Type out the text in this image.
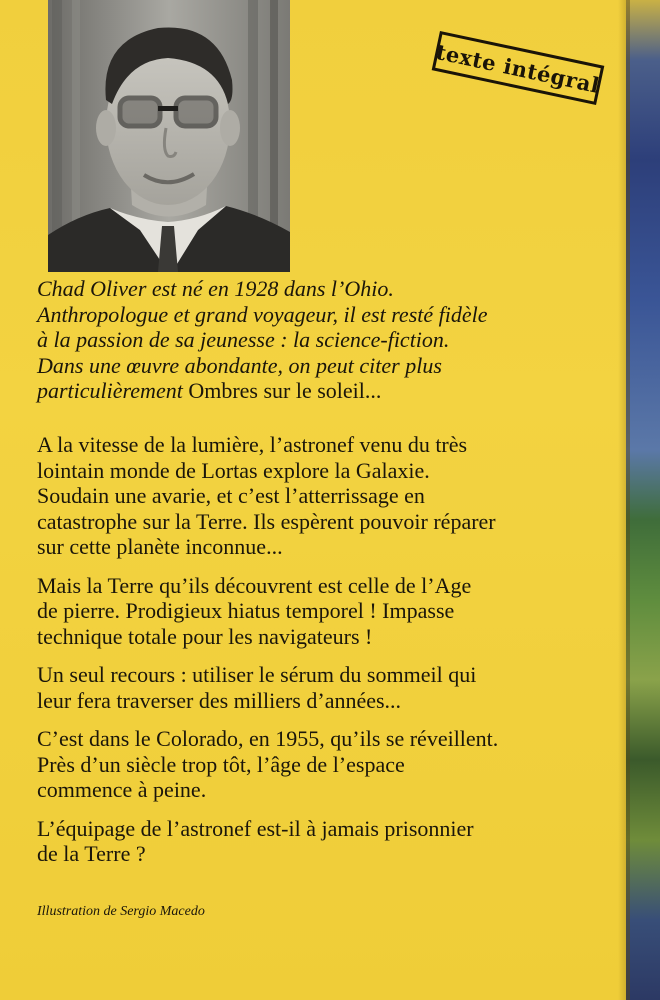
texte intégral
Chad Oliver est né en 1928 dans l’Ohio.
Anthropologue et grand voyageur, il est resté fidèle
à la passion de sa jeunesse : la science-fiction.
Dans une œuvre abondante, on peut citer plus
particulièrement Ombres sur le soleil...
A la vitesse de la lumière, l’astronef venu du très
lointain monde de Lortas explore la Galaxie.
Soudain une avarie, et c’est l’atterrissage en
catastrophe sur la Terre. Ils espèrent pouvoir réparer
sur cette planète inconnue...
Mais la Terre qu’ils découvrent est celle de l’Age
de pierre. Prodigieux hiatus temporel ! Impasse
technique totale pour les navigateurs !
Un seul recours : utiliser le sérum du sommeil qui
leur fera traverser des milliers d’années...
C’est dans le Colorado, en 1955, qu’ils se réveillent.
Près d’un siècle trop tôt, l’âge de l’espace
commence à peine.
L’équipage de l’astronef est-il à jamais prisonnier
de la Terre ?
Illustration de Sergio Macedo
